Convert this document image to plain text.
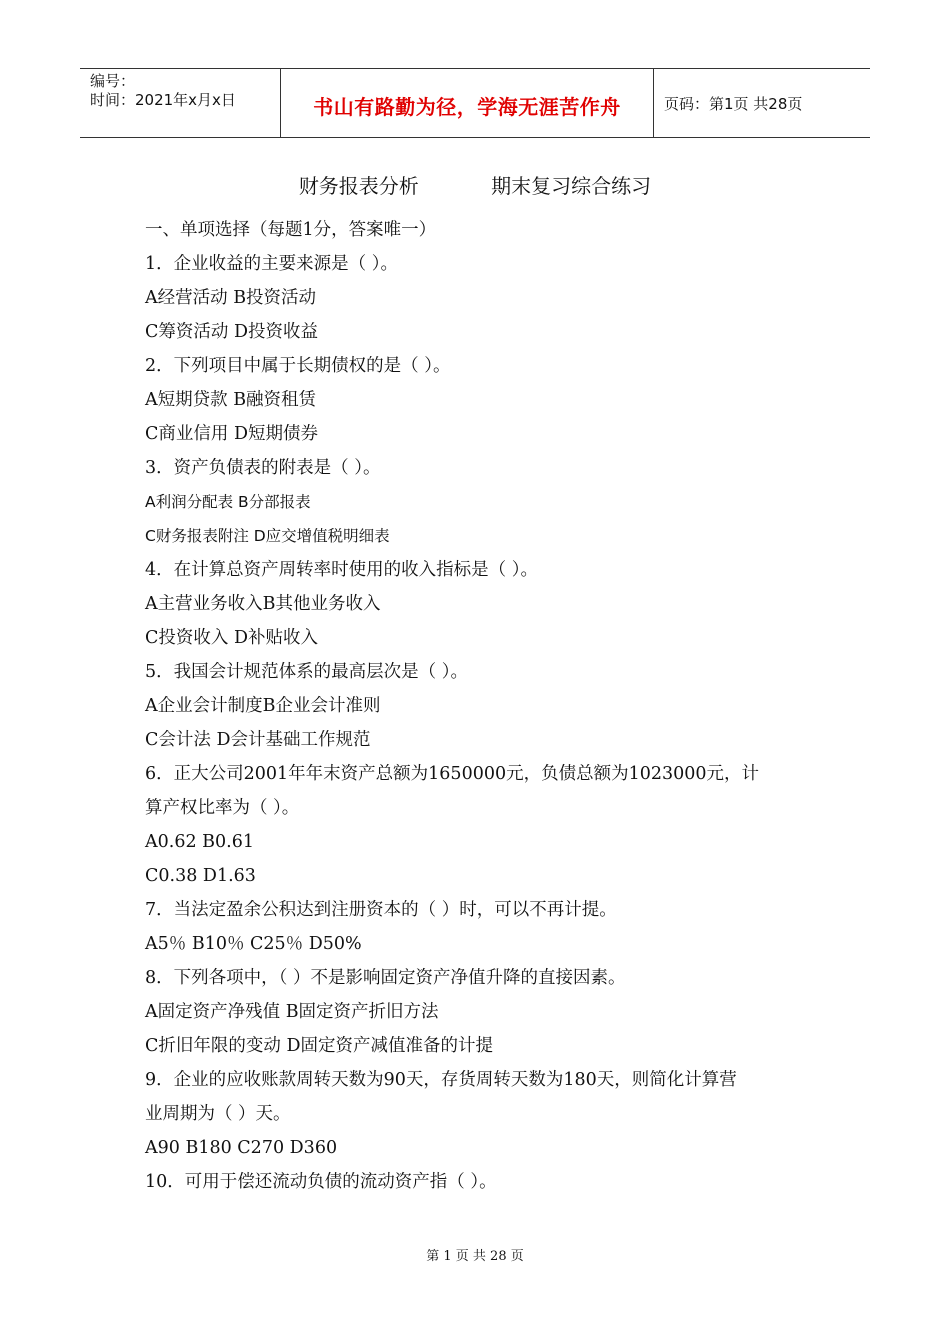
编号：
时间：2021年x月x日	书山有路勤为径，学海无涯苦作舟	页码：第1页 共28页
财务报表分析	期末复习综合练习
一、单项选择（每题1分，答案唯一）
1．企业收益的主要来源是（ ）。
A经营活动 B投资活动
C筹资活动 D投资收益
2．下列项目中属于长期债权的是（ ）。
A短期贷款 B融资租赁
C商业信用 D短期债券
3．资产负债表的附表是（ ）。
A利润分配表 B分部报表
C财务报表附注 D应交增值税明细表
4．在计算总资产周转率时使用的收入指标是（ ）。
A主营业务收入B其他业务收入
C投资收入 D补贴收入
5．我国会计规范体系的最高层次是（ ）。
A企业会计制度B企业会计准则
C会计法 D会计基础工作规范
6．正大公司2001年年末资产总额为1650000元，负债总额为1023000元，计
算产权比率为（ ）。
A0.62 B0.61
C0.38 D1.63
7．当法定盈余公积达到注册资本的（ ）时，可以不再计提。
A5％ B10％ C25％ D50%
8．下列各项中，（ ）不是影响固定资产净值升降的直接因素。
A固定资产净残值 B固定资产折旧方法
C折旧年限的变动 D固定资产减值准备的计提
9．企业的应收账款周转天数为90天，存货周转天数为180天，则简化计算营
业周期为（ ）天。
A90 B180 C270 D360
10．可用于偿还流动负债的流动资产指（ ）。
第 1 页 共 28 页
